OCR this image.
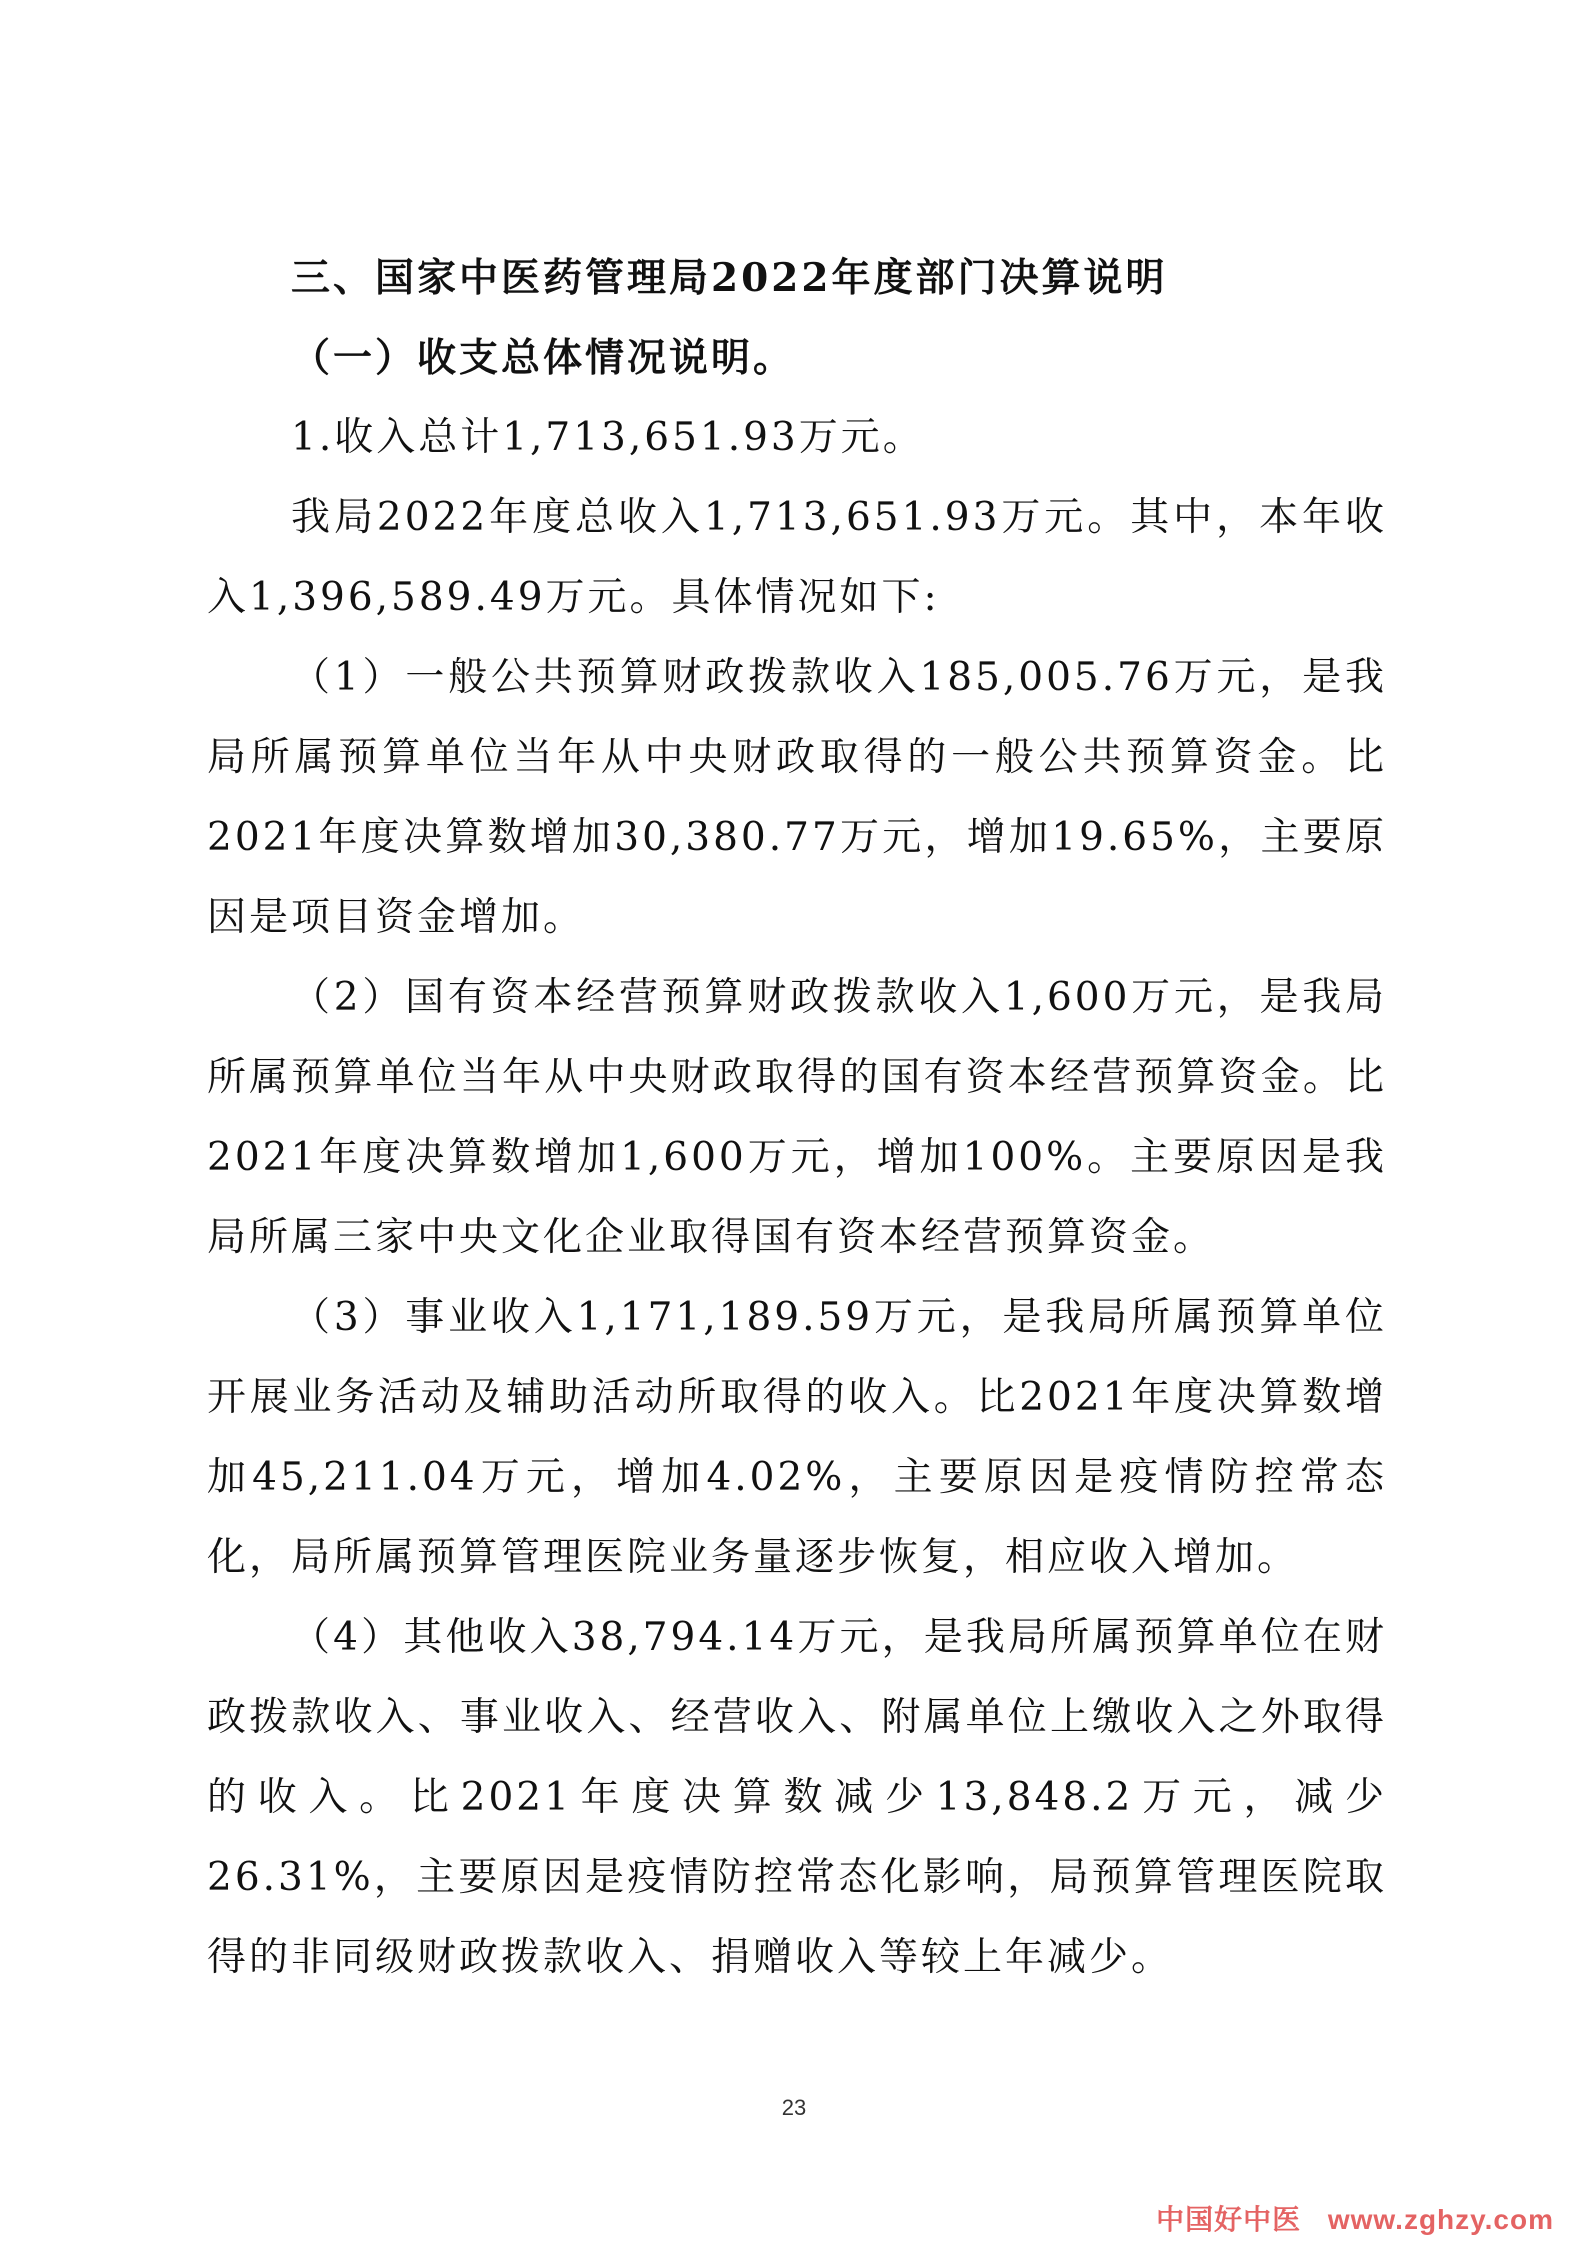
三、国家中医药管理局2022年度部门决算说明

（一）收支总体情况说明。

1.收入总计1,713,651.93万元。

我局2022年度总收入1,713,651.93万元。其中，本年收入1,396,589.49万元。具体情况如下:

（1）一般公共预算财政拨款收入185,005.76万元，是我局所属预算单位当年从中央财政取得的一般公共预算资金。比2021年度决算数增加30,380.77万元，增加19.65%，主要原因是项目资金增加。

（2）国有资本经营预算财政拨款收入1,600万元，是我局所属预算单位当年从中央财政取得的国有资本经营预算资金。比2021年度决算数增加1,600万元，增加100%。主要原因是我局所属三家中央文化企业取得国有资本经营预算资金。

（3）事业收入1,171,189.59万元，是我局所属预算单位开展业务活动及辅助活动所取得的收入。比2021年度决算数增加45,211.04万元，增加4.02%，主要原因是疫情防控常态化，局所属预算管理医院业务量逐步恢复，相应收入增加。

（4）其他收入38,794.14万元，是我局所属预算单位在财政拨款收入、事业收入、经营收入、附属单位上缴收入之外取得的收入。比2021年度决算数减少13,848.2万元，减少26.31%，主要原因是疫情防控常态化影响，局预算管理医院取得的非同级财政拨款收入、捐赠收入等较上年减少。

23
中国好中医 www.zghzy.com
